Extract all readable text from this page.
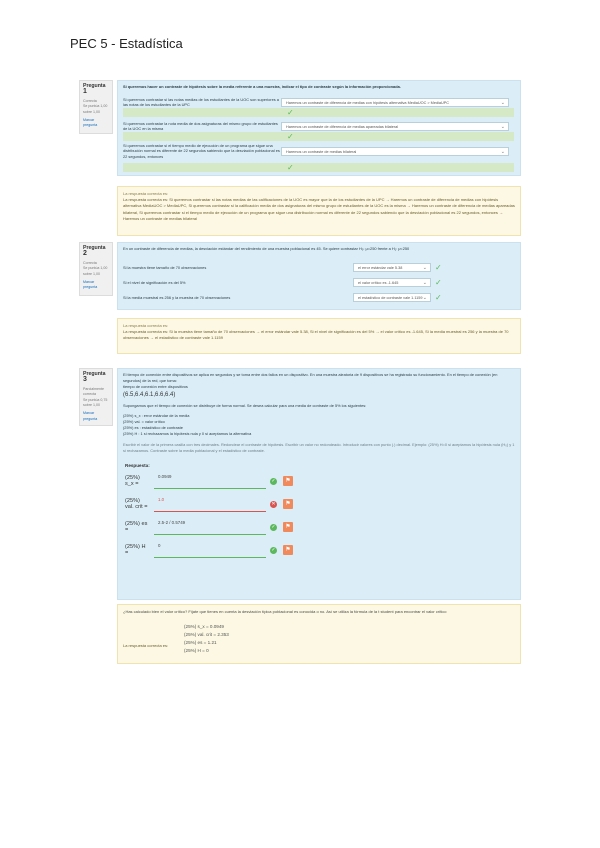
PEC 5 - Estadística
Pregunta 1
Correcta
Se puntúa 1,00 sobre 1,00
Marcar pregunta
Si queremos hacer un contraste de hipótesis sobre la media referente a una muestra, indicar el tipo de contraste según la información proporcionada.
Si queremos contrastar si las notas medias de los estudiantes de la UOC son superiores a las notas de los estudiantes de la UPC	Haremos un contraste de diferencia de medias con hipótesis alternativa MediaUOC > MediaUPC	⌄
✓
Si queremos contrastar la nota media de dos asignaturas del mismo grupo de estudiantes de la UOC en la misma	Haremos un contraste de diferencia de medias apareadas bilateral	⌄
✓
Si queremos contrastar si el tiempo medio de ejecución de un programa que sigue una distribución normal es diferente de 22 segundos sabiendo que la desviación poblacional es 22 segundos, entonces
Haremos un contraste de medias bilateral	⌄
✓
La respuesta correcta es:
La respuesta correcta es: Si queremos contrastar si las notas medias de las calificaciones de la UOC es mayor que la de los estudiantes de la UPC → Haremos un contraste de diferencia de medias con hipótesis alternativa MediaUOC > MediaUPC, Si queremos contrastar si la calificación media de dos asignaturas del mismo grupo de estudiantes de la UOC es la misma → Haremos un contraste de diferencia de medias apareadas bilateral, Si queremos contrastar si el tiempo medio de ejecución de un programa que sigue una distribución normal es diferente de 22 segundos sabiendo que la desviación poblacional es 22 segundos, entonces → Haremos un contraste de medias bilateral
Pregunta 2
Correcta
Se puntúa 1,00 sobre 1,00
Marcar pregunta
En un contraste de diferencia de medias, la desviación estándar del rendimiento de una muestra poblacional es 45. Se quiere contrastar H₀: μ=250 frente a H₁: μ<250
Si la muestra tiene tamaño de 70 observaciones	el error estándar vale 5.38	⌄ ✓
Si el nivel de significación es del 5%	el valor crítico es -1.645	⌄ ✓
Si la media muestral es 256 y la muestra de 70 observaciones	el estadístico de contraste vale 1.1159 ⌄ ✓
La respuesta correcta es:
La respuesta correcta es: Si la muestra tiene tamaño de 70 observaciones → el error estándar vale 5.38, Si el nivel de significación es del 5% → el valor crítico es -1.645, Si la media muestral es 256 y la muestra de 70 observaciones → el estadístico de contraste vale 1.1159
Pregunta 3
Parcialmente correcta
Se puntúa 0,75 sobre 1,00
Marcar pregunta
El tiempo de conexión entre dispositivos se aplica en segundos y se toma entre dos fallos en un dispositivo. En una muestra aleatoria de 9 dispositivos se ha registrado su funcionamiento. En el tiempo de conexión (en segundos) de la red, que toma:
tiempo de conexión entre dispositivos
(6.5,6.4,6.1,6.6,6.4)
Supongamos que el tiempo de conexión se distribuye de forma normal. Se desea calcular para una media de contraste de 5% los siguientes:
(25%) s_x : error estándar de la media
(25%) val. = valor crítico
(25%) es : estadístico de contraste
(25%) H : 1 si rechazamos la hipótesis nula y 0 si aceptamos la alternativa
Escribir el valor de la primera casilla con tres decimales. Redondear el contraste de hipótesis. Escribir un valor no redondeado. Introducir valores con punto (.) decimal. Ejemplo: (25%) H=0 si aceptamos la hipótesis nula (H₀) y 1 si rechazamos. Contraste sobre la media poblacional y el estadístico de contraste.
Respuesta:
(25%) s_x =
0.0949
✓	⚑
(25%) val. crit =
1.0
✕	⚑
(25%) es =
2.5-2 / 0.5749
✓	⚑
(25%) H =
0
✓	⚑
¿Has calculado bien el valor crítico? Fíjate que tienes en cuenta la desviación típica poblacional es conocida o no. Así se utiliza la fórmula de la t student para encontrar el valor crítico
La respuesta correcta es:
(25%) s_x = 0.0949
(25%) val. crit = 2.353
(25%) es = 1.21
(25%) H = 0
